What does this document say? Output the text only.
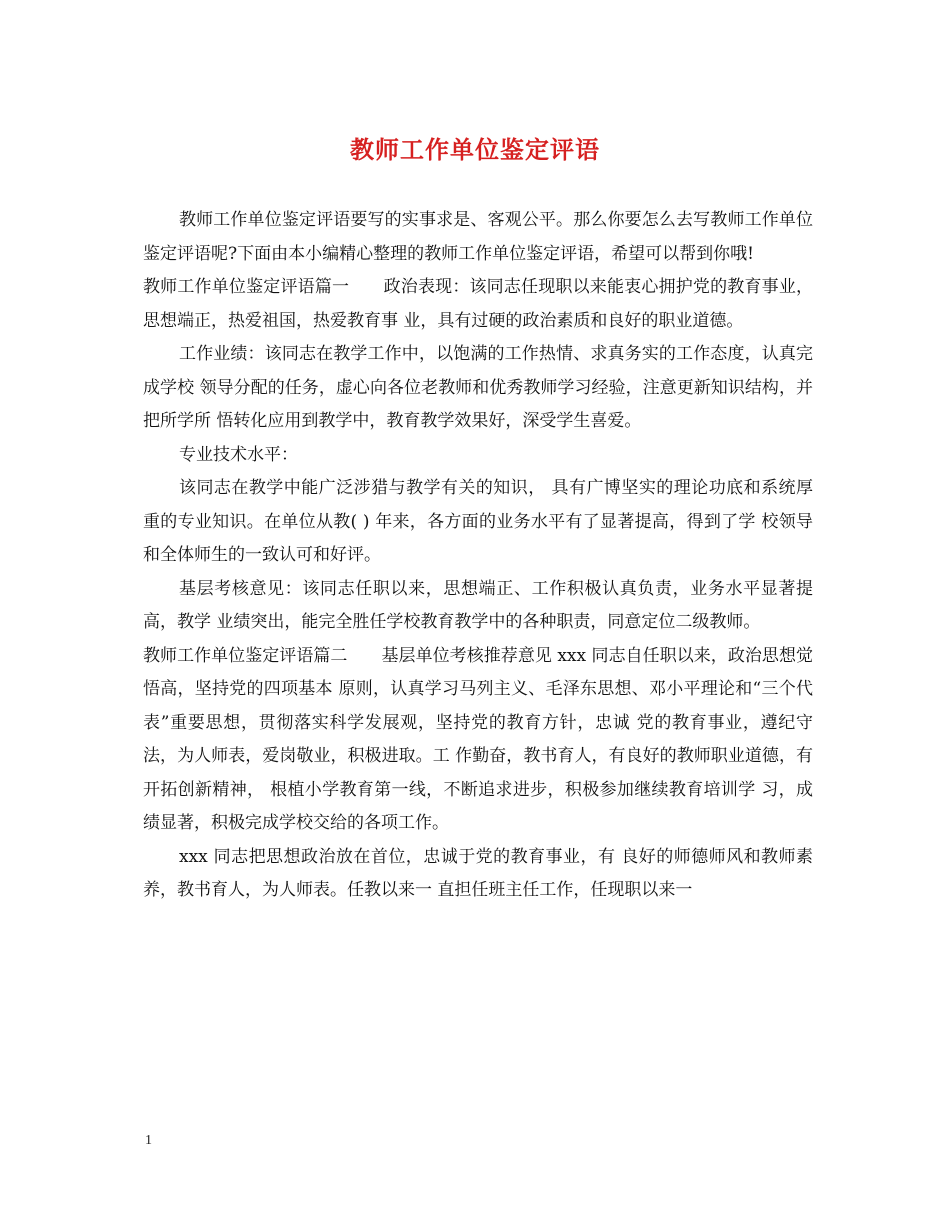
教师工作单位鉴定评语

教师工作单位鉴定评语要写的实事求是、客观公平。那么你要怎么去写教师工作单位鉴定评语呢?下面由本小编精心整理的教师工作单位鉴定评语，希望可以帮到你哦!

教师工作单位鉴定评语篇一　　政治表现：该同志任现职以来能衷心拥护党的教育事业，思想端正，热爱祖国，热爱教育事 业，具有过硬的政治素质和良好的职业道德。

工作业绩：该同志在教学工作中，以饱满的工作热情、求真务实的工作态度，认真完成学校 领导分配的任务，虚心向各位老教师和优秀教师学习经验，注意更新知识结构，并把所学所 悟转化应用到教学中，教育教学效果好，深受学生喜爱。

专业技术水平：

该同志在教学中能广泛涉猎与教学有关的知识， 具有广博坚实的理论功底和系统厚重的专业知识。在单位从教( ) 年来，各方面的业务水平有了显著提高，得到了学 校领导和全体师生的一致认可和好评。

基层考核意见：该同志任职以来，思想端正、工作积极认真负责，业务水平显著提高，教学 业绩突出，能完全胜任学校教育教学中的各种职责，同意定位二级教师。

教师工作单位鉴定评语篇二　　基层单位考核推荐意见 xxx 同志自任职以来，政治思想觉悟高，坚持党的四项基本 原则，认真学习马列主义、毛泽东思想、邓小平理论和“三个代 表”重要思想，贯彻落实科学发展观，坚持党的教育方针，忠诚 党的教育事业，遵纪守法，为人师表，爱岗敬业，积极进取。工 作勤奋，教书育人，有良好的教师职业道德，有开拓创新精神， 根植小学教育第一线，不断追求进步，积极参加继续教育培训学 习，成绩显著，积极完成学校交给的各项工作。

xxx 同志把思想政治放在首位，忠诚于党的教育事业，有 良好的师德师风和教师素养，教书育人，为人师表。任教以来一 直担任班主任工作，任现职以来一

1
